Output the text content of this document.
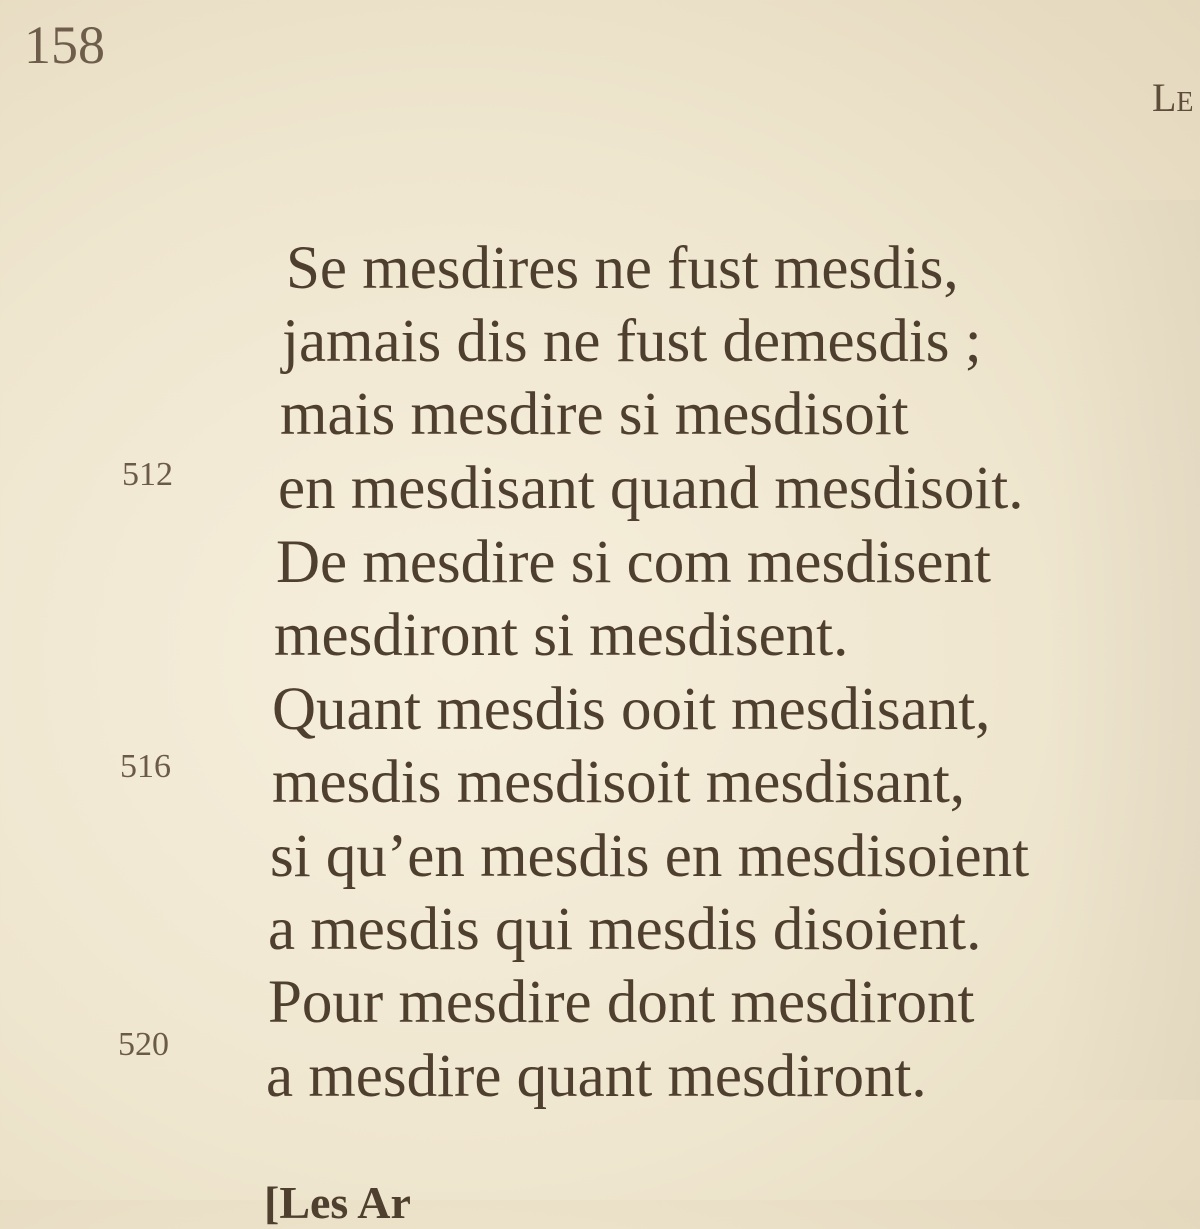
158
Le
Se mesdires ne fust mesdis,
jamais dis ne fust demesdis ;
mais mesdire si mesdisoit
512 en mesdisant quand mesdisoit.
De mesdire si com mesdisent
mesdiront si mesdisent.
Quant mesdis ooit mesdisant,
516 mesdis mesdisoit mesdisant,
si qu’en mesdis en mesdisoient
a mesdis qui mesdis disoient.
Pour mesdire dont mesdiront
520 a mesdire quant mesdiront.
[Les Ar
